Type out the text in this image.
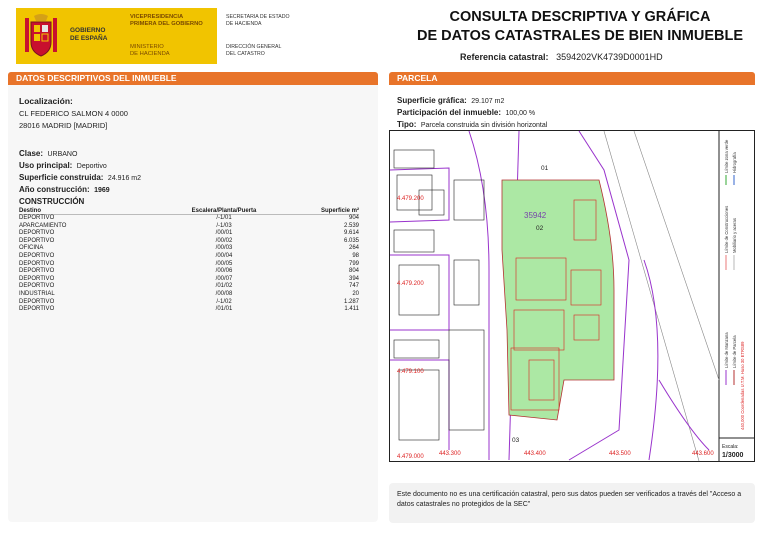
GOBIERNO
DE ESPAÑA
VICEPRESIDENCIA
PRIMERA DEL GOBIERNO
MINISTERIO
DE HACIENDA
SECRETARIA DE ESTADO
DE HACIENDA
DIRECCIÓN GENERAL
DEL CATASTRO
CONSULTA DESCRIPTIVA Y GRÁFICA
DE DATOS CATASTRALES DE BIEN INMUEBLE
Referencia catastral: 3594202VK4739D0001HD
DATOS DESCRIPTIVOS DEL INMUEBLE
Localización:
CL FEDERICO SALMON 4 0000
28016 MADRID [MADRID]
Clase: URBANO
Uso principal: Deportivo
Superficie construida: 24.916 m2
Año construcción: 1969
CONSTRUCCIÓN
Destino	Escalera/Planta/Puerta	Superficie m²
DEPORTIVO	/-1/01	904
APARCAMIENTO	/-1/03	2.539
DEPORTIVO	/00/01	9.614
DEPORTIVO	/00/02	6.035
OFICINA	/00/03	264
DEPORTIVO	/00/04	98
DEPORTIVO	/00/05	799
DEPORTIVO	/00/06	804
DEPORTIVO	/00/07	394
DEPORTIVO	/01/02	747
INDUSTRIAL	/00/08	20
DEPORTIVO	/-1/02	1.287
DEPORTIVO	/01/01	1.411
PARCELA
Superficie gráfica: 29.107 m2
Participación del inmueble: 100,00 %
Tipo: Parcela construida sin división horizontal
35942
02
01
03
4.479.200
4.479.200
4.479.100
4.479.000	443.300	443.400	443.500	443.600
Límite de Manzana Límite de Parcela
Límite de Construcciones Mobiliario y aceras
Límite zona verde Hidrografía
440,000 Coordenadas U.T.M. Huso 30 ETRS89
Escala:
1/3000
Este documento no es una certificación catastral, pero sus datos pueden ser verificados a través del "Acceso a datos catastrales no protegidos de la SEC"
